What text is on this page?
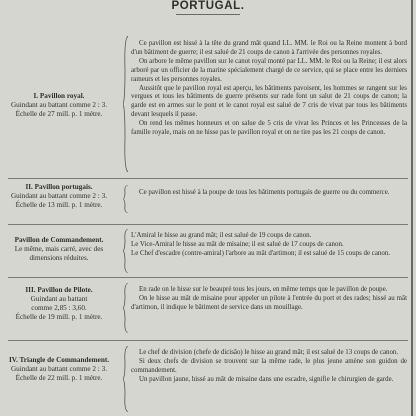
PORTUGAL.
I. Pavillon royal.
Guindant au battant comme 2 : 3.
Échelle de 27 mill. p. 1 mètre.

Ce pavillon est hissé à la tête du grand mât quand LL. MM. le Roi ou la Reine montent à bord d'un bâtiment de guerre; il est salué de 21 coups de canon à l'arrivée des personnes royales.

On arbore le même pavillon sur le canot royal monté par LL. MM. le Roi ou la Reine; il est alors arboré par un officier de la marine spécialement chargé de ce service, qui se place entre les derniers rameurs et les personnes royales.

Aussitôt que le pavillon royal est aperçu, les bâtiments pavoisent, les hommes se rangent sur les vergues et tous les bâtiments de guerre présents sur rade font un salut de 21 coups de canon; la garde est en armes sur le pont et le canot royal est salué de 7 cris de vivat par tous les bâtiments devant lesquels il passe.

On rend les mêmes honneurs et on salue de 5 cris de vivat les Princes et les Princesses de la famille royale, mais on ne hisse pas le pavillon royal et on ne tire pas les 21 coups de canon.

II. Pavillon portugais.
Guindant au battant comme 2 : 3.
Échelle de 13 mill. p. 1 mètre.

Ce pavillon est hissé à la poupe de tous les bâtiments portugais de guerre ou du commerce.

Pavillon de Commandement.
Le même, mais carré, avec des dimensions réduites.

L'Amiral le hisse au grand mât; il est salué de 19 coups de canon.

Le Vice-Amiral le hisse au mât de misaine; il est salué de 17 coups de canon.

Le Chef d'escadre (contre-amiral) l'arbore au mât d'artimon; il est salué de 15 coups de canon.

III. Pavillon de Pilote.
Guindant au battant
comme 2,85 : 3,60.
Échelle de 19 mill. p. 1 mètre.

En rade on le hisse sur le beaupré tous les jours, en même temps que le pavillon de poupe.

On le hisse au mât de misaine pour appeler un pilote à l'entrée du port et des rades; hissé au mât d'artimon, il indique le bâtiment de service dans un mouillage.

IV. Triangle de Commandement.
Guindant au battant comme 2 : 3.
Échelle de 22 mill. p. 1 mètre.

Le chef de division (chefe de dicisão) le hisse au grand mât; il est salué de 13 coups de canon.

Si deux chefs de division se trouvent sur la même rade, le plus jeune amène son guidon de commandement.

Un pavillon jaune, hissé au mât de misaine dans une escadre, signifie le chirurgien de garde.
